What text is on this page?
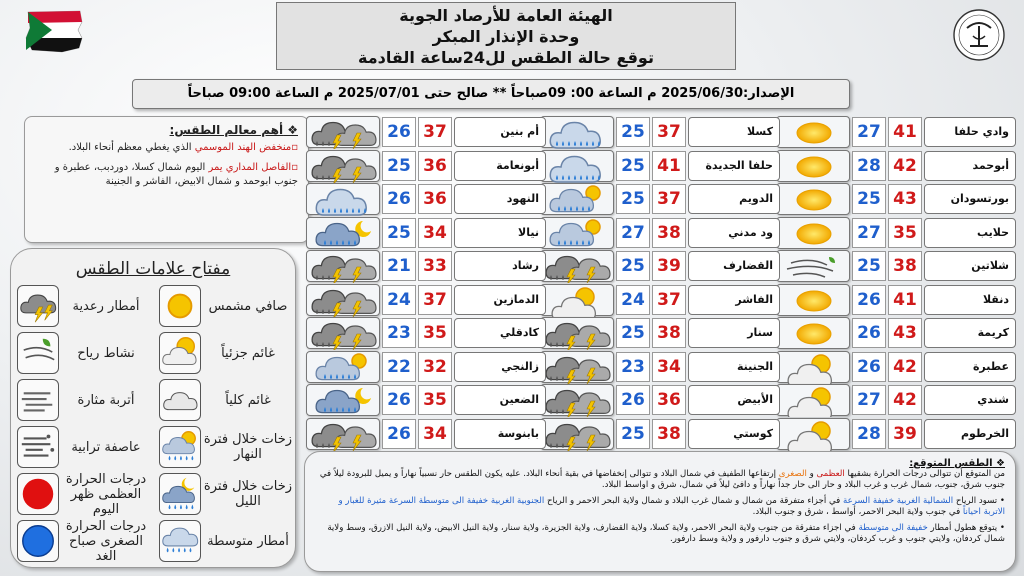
الهيئة العامة للأرصاد الجوية
وحدة الإنذار المبكر
توقع حالة الطقس لل24ساعة القادمة
الإصدار:2025/06/30 م الساعة 00: 09صباحاً ** صالح حتى 2025/07/01 م الساعة 09:00 صباحاً
❖ أهم معالم الطقس:

▫منخفض الهند الموسمي الذي يغطي معظم أنحاء البلاد.

▫الفاصل المداري يمر اليوم شمال كسلا، دوردبب، عطبرة و جنوب ابوحمد و شمال الابيض، الفاشر و الجنينة

مفتاح علامات الطقس
صافي مشمس
أمطار رعدية
غائم جزئياً
نشاط رياح
غائم كلياً
أتربة مثارة
زخات خلال فترة النهار
عاصفة ترابية
زخات خلال فترة الليل
درجات الحرارة العظمى ظهر اليوم
أمطار متوسطة
درجات الحرارة الصغرى صباح الغد
27 41	وادي حلفا
28 42	أبوحمد
25 43	بورتسودان
27 35	حلايب
25 38	شلاتين
26 41	دنقلا
26 43	كريمة
26 42	عطبرة
27 42	شندي
28 39	الخرطوم
25 37	كسلا
25 41	حلفا الجديدة
25 37	الدويم
27 38	ود مدني
25 39	القضارف
24 37	الفاشر
25 38	سنار
23 34	الجنينة
26 36	الأبيض
25 38	كوستي
26 37	أم بنين
25 36	أبونعامة
26 36	النهود
25 34	نيالا
21 33	رشاد
24 37	الدمازين
23 35	كادقلي
22 32	زالنجي
26 35	الضعين
26 34	بابنوسة
❖ الطقس المتوقع:

من المتوقع أن تتوالى درجات الحرارة بشقيها العظمى و الصغرى إرتفاعها الطفيف في شمال البلاد و تتوالى إنخفاضها في بقية أنحاء البلاد. عليه يكون الطقس حار نسبياً نهاراً و يميل للبرودة ليلاً في جنوب شرق، جنوب، شمال غرب و غرب البلاد و حار الى حار جداً نهاراً و دافئ ليلاً في شمال، شرق و اواسط البلاد.

• تسود الرياح الشمالية الغربية خفيفة السرعة في أجزاء متفرقة من شمال و شمال غرب البلاد و شمال ولاية البحر الاحمر و الرياح الجنوبية الغربية خفيفة الى متوسطة السرعة مثيرة للغبار و الاتربة احياناً في جنوب ولاية البحر الاحمر، أواسط ، شرق و جنوب البلاد.

• يتوقع هطول أمطار خفيفة الى متوسطة في اجزاء متفرقة من جنوب ولاية البحر الاحمر، ولاية كسلا، ولاية القضارف، ولاية الجزيرة، ولاية سنار، ولاية النيل الابيض، ولاية النيل الازرق، وسط ولاية شمال كردفان، ولايتي جنوب و غرب كردفان، ولايتي شرق و جنوب دارفور و ولاية وسط دارفور.
